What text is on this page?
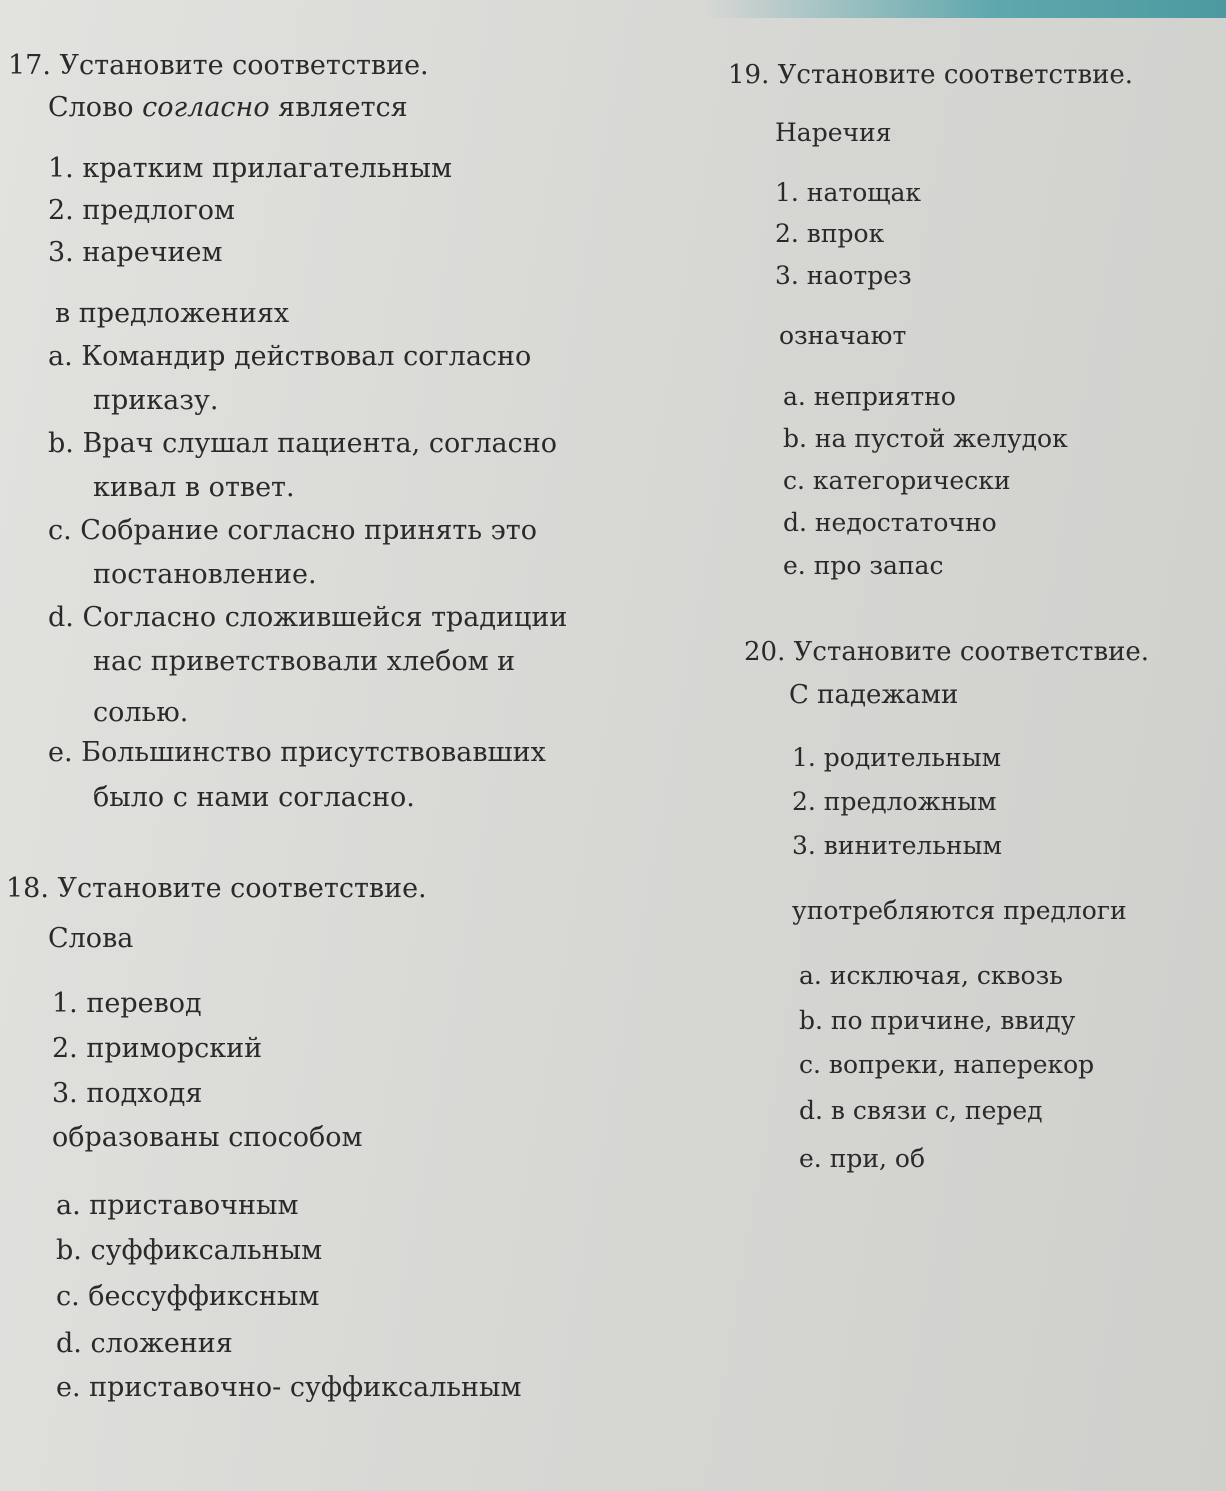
17. Установите соответствие.
Слово согласно является
1. кратким прилагательным
2. предлогом
3. наречием
в предложениях
a. Командир действовал согласно
приказу.
b. Врач слушал пациента, согласно
кивал в ответ.
c. Собрание согласно принять это
постановление.
d. Согласно сложившейся традиции
нас приветствовали хлебом и
солью.
e. Большинство присутствовавших
было с нами согласно.
18. Установите соответствие.
Слова
1. перевод
2. приморский
3. подходя
образованы способом
a. приставочным
b. суффиксальным
c. бессуффиксным
d. сложения
e. приставочно- суффиксальным
19. Установите соответствие.
Наречия
1. натощак
2. впрок
3. наотрез
означают
a. неприятно
b. на пустой желудок
c. категорически
d. недостаточно
e. про запас
20. Установите соответствие.
С падежами
1. родительным
2. предложным
3. винительным
употребляются предлоги
a. исключая, сквозь
b. по причине, ввиду
c. вопреки, наперекор
d. в связи с, перед
e. при, об
